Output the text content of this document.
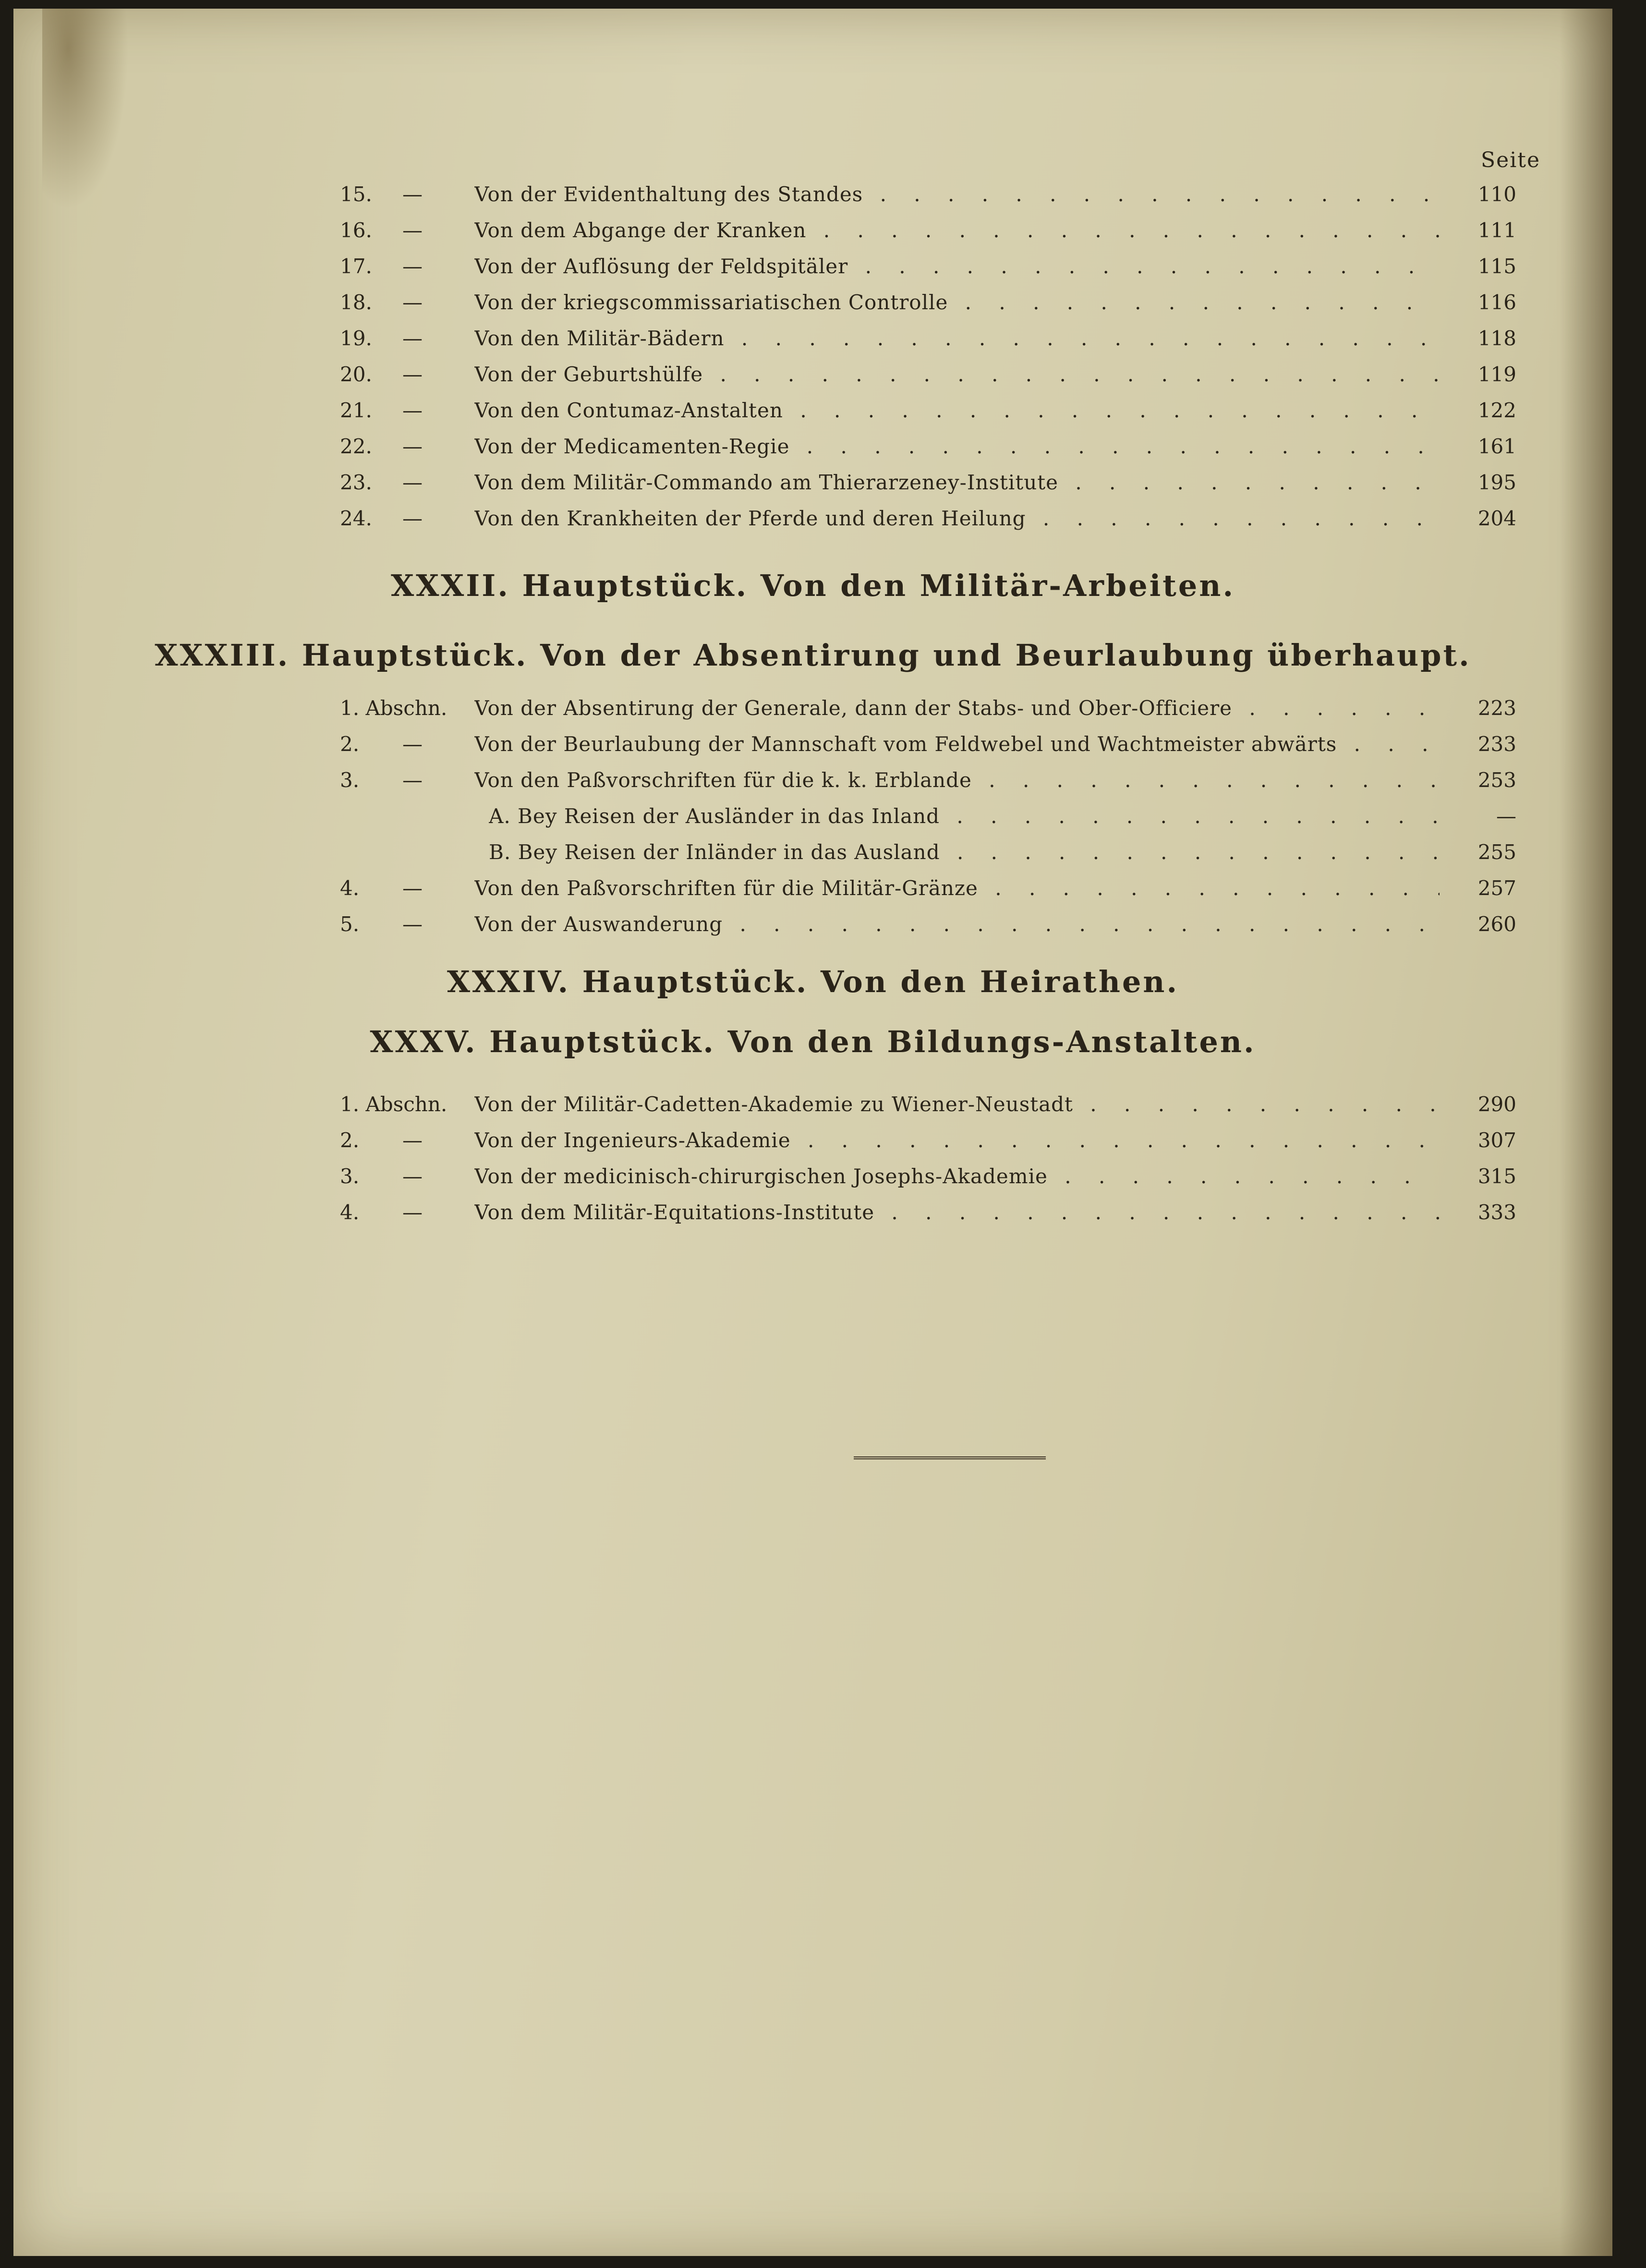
Seite
15.	—	Von der Evidenthaltung des Standes . . .	110
16.	—	Von dem Abgange der Kranken . . .	111
17.	—	Von der Auflösung der Feldspitäler . . .	115
18.	—	Von der kriegscommissariatischen Controlle . . .	116
19.	—	Von den Militär-Bädern . . .	118
20.	—	Von der Geburtshülfe . . .	119
21.	—	Von den Contumaz-Anstalten . . .	122
22.	—	Von der Medicamenten-Regie . . .	161
23.	—	Von dem Militär-Commando am Thierarzeney-Institute . . .	195
24.	—	Von den Krankheiten der Pferde und deren Heilung . . .	204
XXXII. Hauptstück. Von den Militär-Arbeiten.
XXXIII. Hauptstück. Von der Absentirung und Beurlaubung überhaupt.
1. Abschn. Von der Absentirung der Generale, dann der Stabs- und Ober-Officiere . . .	223
2.	—	Von der Beurlaubung der Mannschaft vom Feldwebel und Wachtmeister abwärts . . .	233
3.	—	Von den Paßvorschriften für die k. k. Erblande . . .	253
A. Bey Reisen der Ausländer in das Inland . . .	—
B. Bey Reisen der Inländer in das Ausland . . .	255
4.	—	Von den Paßvorschriften für die Militär-Gränze . . .	257
5.	—	Von der Auswanderung . . .	260
XXXIV. Hauptstück. Von den Heirathen.
XXXV. Hauptstück. Von den Bildungs-Anstalten.
1. Abschn. Von der Militär-Cadetten-Akademie zu Wiener-Neustadt . . .	290
2.	—	Von der Ingenieurs-Akademie . . .	307
3.	—	Von der medicinisch-chirurgischen Josephs-Akademie . . .	315
4.	—	Von dem Militär-Equitations-Institute . . .	333
